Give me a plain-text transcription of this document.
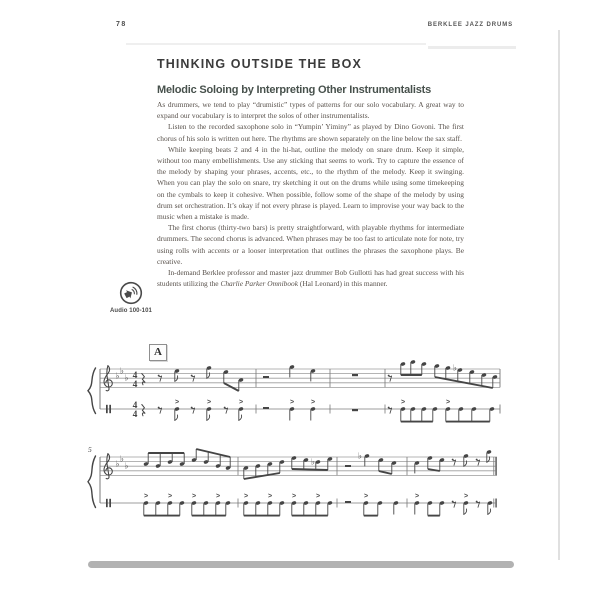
78	BERKLEE JAZZ DRUMS
THINKING OUTSIDE THE BOX
Melodic Soloing by Interpreting Other Instrumentalists

As drummers, we tend to play “drumistic” types of patterns for our solo vocabulary. A great way to expand our vocabulary is to interpret the solos of other instrumentalists.

Listen to the recorded saxophone solo in “Yumpin’ Yiminy” as played by Dino Govoni. The first chorus of his solo is written out here. The rhythms are shown separately on the line below the sax staff.

While keeping beats 2 and 4 in the hi-hat, outline the melody on snare drum. Keep it simple, without too many embellishments. Use any sticking that seems to work. Try to capture the essence of the melody by shaping your phrases, accents, etc., to the rhythm of the melody. Keep it swinging. When you can play the solo on snare, try sketching it out on the drums while using some timekeeping on the cymbals to keep it cohesive. When possible, follow some of the shape of the melody by using drum set orchestration. It’s okay if not every phrase is played. Learn to improvise your way back to the music when a mistake is made.

The first chorus (thirty-two bars) is pretty straightforward, with playable rhythms for intermediate drummers. The second chorus is advanced. When phrases may be too fast to articulate note for note, try using rolls with accents or a looser interpretation that outlines the phrases the saxophone plays. Be creative.

In-demand Berklee professor and master jazz drummer Bob Gullotti has had great success with his students utilizing the Charlie Parker Omnibook (Hal Leonard) in this manner.

Audio 100-101
A
5
♭ ♭
♭ 4
4
4
4
♭
>	>	>	> >	>	>
♭ ♭
♭	♭
♭
>	>	>	>	>	>	>	>	>	>	>
